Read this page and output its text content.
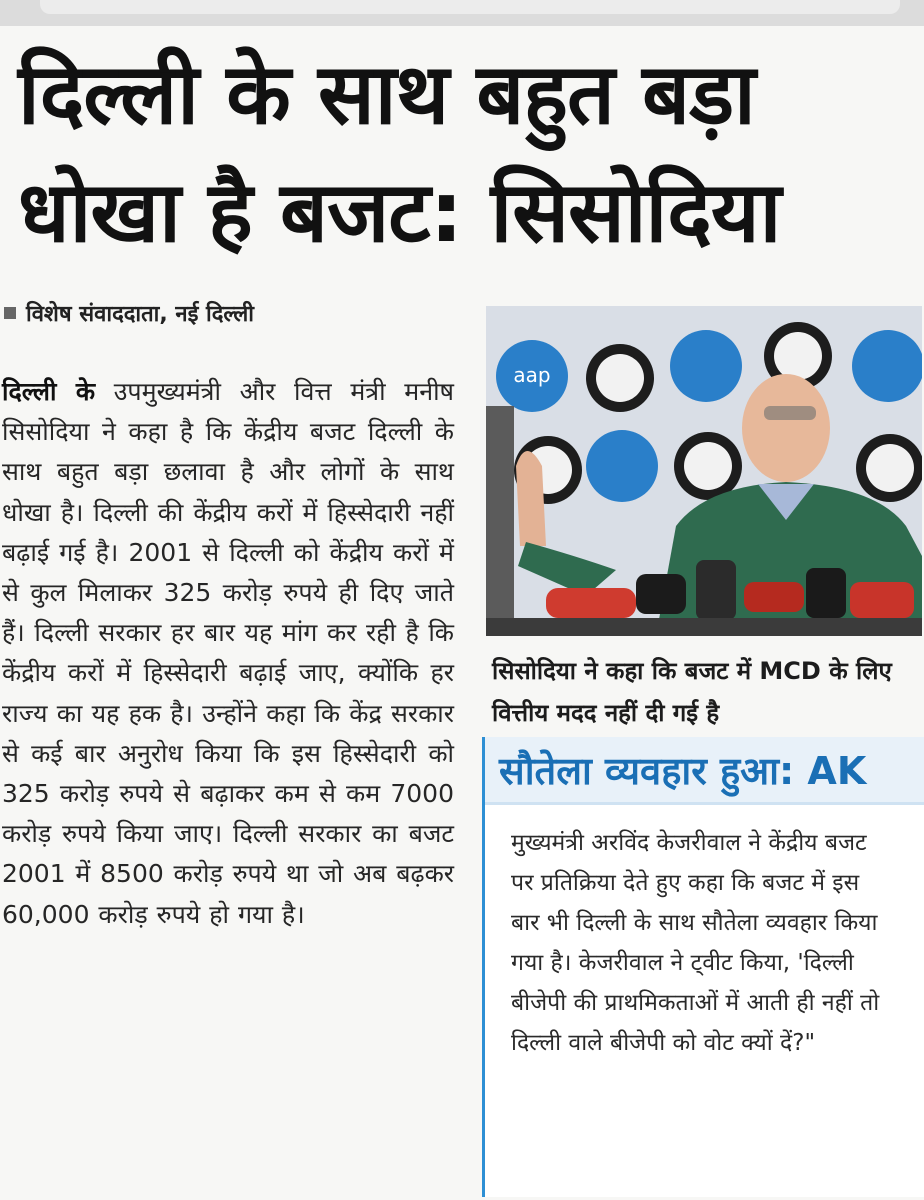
दिल्ली के साथ बहुत बड़ा
धोखा है बजट: सिसोदिया
विशेष संवाददाता, नई दिल्ली
दिल्ली के उपमुख्यमंत्री और वित्त मंत्री मनीष सिसोदिया ने कहा है कि केंद्रीय बजट दिल्ली के साथ बहुत बड़ा छलावा है और लोगों के साथ धोखा है। दिल्ली की केंद्रीय करों में हिस्सेदारी नहीं बढ़ाई गई है। 2001 से दिल्ली को केंद्रीय करों में से कुल मिलाकर 325 करोड़ रुपये ही दिए जाते हैं। दिल्ली सरकार हर बार यह मांग कर रही है कि केंद्रीय करों में हिस्सेदारी बढ़ाई जाए, क्योंकि हर राज्य का यह हक है। उन्होंने कहा कि केंद्र सरकार से कई बार अनुरोध किया कि इस हिस्सेदारी को 325 करोड़ रुपये से बढ़ाकर कम से कम 7000 करोड़ रुपये किया जाए। दिल्ली सरकार का बजट 2001 में 8500 करोड़ रुपये था जो अब बढ़कर 60,000 करोड़ रुपये हो गया है।
aap
सिसोदिया ने कहा कि बजट में MCD के लिए वित्तीय मदद नहीं दी गई है
सौतेला व्यवहार हुआ: AK
मुख्यमंत्री अरविंद केजरीवाल ने केंद्रीय बजट पर प्रतिक्रिया देते हुए कहा कि बजट में इस बार भी दिल्ली के साथ सौतेला व्यवहार किया गया है। केजरीवाल ने ट्वीट किया, 'दिल्ली बीजेपी की प्राथमिकताओं में आती ही नहीं तो दिल्ली वाले बीजेपी को वोट क्यों दें?"
